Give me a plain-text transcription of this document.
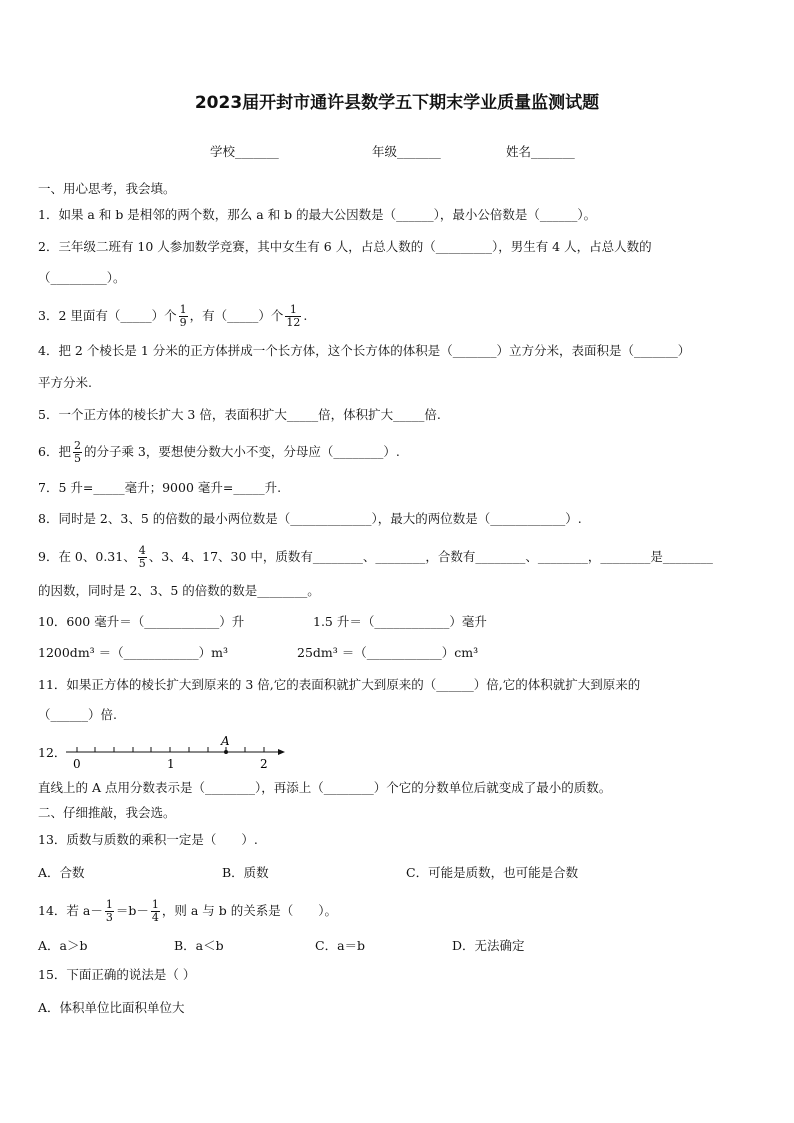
2023届开封市通许县数学五下期末学业质量监测试题
学校_______	年级_______	姓名_______
一、用心思考，我会填。
1．如果 a 和 b 是相邻的两个数，那么 a 和 b 的最大公因数是（______），最小公倍数是（______）。
2．三年级二班有 10 人参加数学竞赛，其中女生有 6 人，占总人数的（_________），男生有 4 人，占总人数的
（_________）。
3．2 里面有（_____）个 $\frac{1}{9}$ ，有（_____）个 $\frac{1}{12}$ .
4．把 2 个棱长是 1 分米的正方体拼成一个长方体，这个长方体的体积是（_______）立方分米，表面积是（_______）
平方分米.
5．一个正方体的棱长扩大 3 倍，表面积扩大_____倍，体积扩大_____倍.
6．把 $\frac{2}{5}$ 的分子乘 3，要想使分数大小不变，分母应（________）.
7．5 升=_____毫升；9000 毫升=_____升.
8．同时是 2、3、5 的倍数的最小两位数是（_____________），最大的两位数是（____________）.
9．在 0、0.31、 $\frac{4}{5}$ 、3、4、17、30 中，质数有________、________，合数有________、________，________是________
的因数，同时是 2、3、5 的倍数的数是________。
10．600 毫升＝（____________）升	1.5 升＝（____________）毫升
1200dm³ ＝（____________）m³	25dm³ ＝（____________）cm³
11．如果正方体的棱长扩大到原来的 3 倍,它的表面积就扩大到原来的（______）倍,它的体积就扩大到原来的
（______）倍.
12．
0	1	2
A
直线上的 A 点用分数表示是（________），再添上（________）个它的分数单位后就变成了最小的质数。
二、仔细推敲，我会选。
13．质数与质数的乘积一定是（　　）.
A．合数	B．质数	C．可能是质数，也可能是合数
14．若 $a- \frac{1}{3} =b- \frac{1}{4}$ ，则 a 与 b 的关系是（　　）。
A．a＞b	B．a＜b	C．a＝b	D．无法确定
15．下面正确的说法是（ ）
A．体积单位比面积单位大
